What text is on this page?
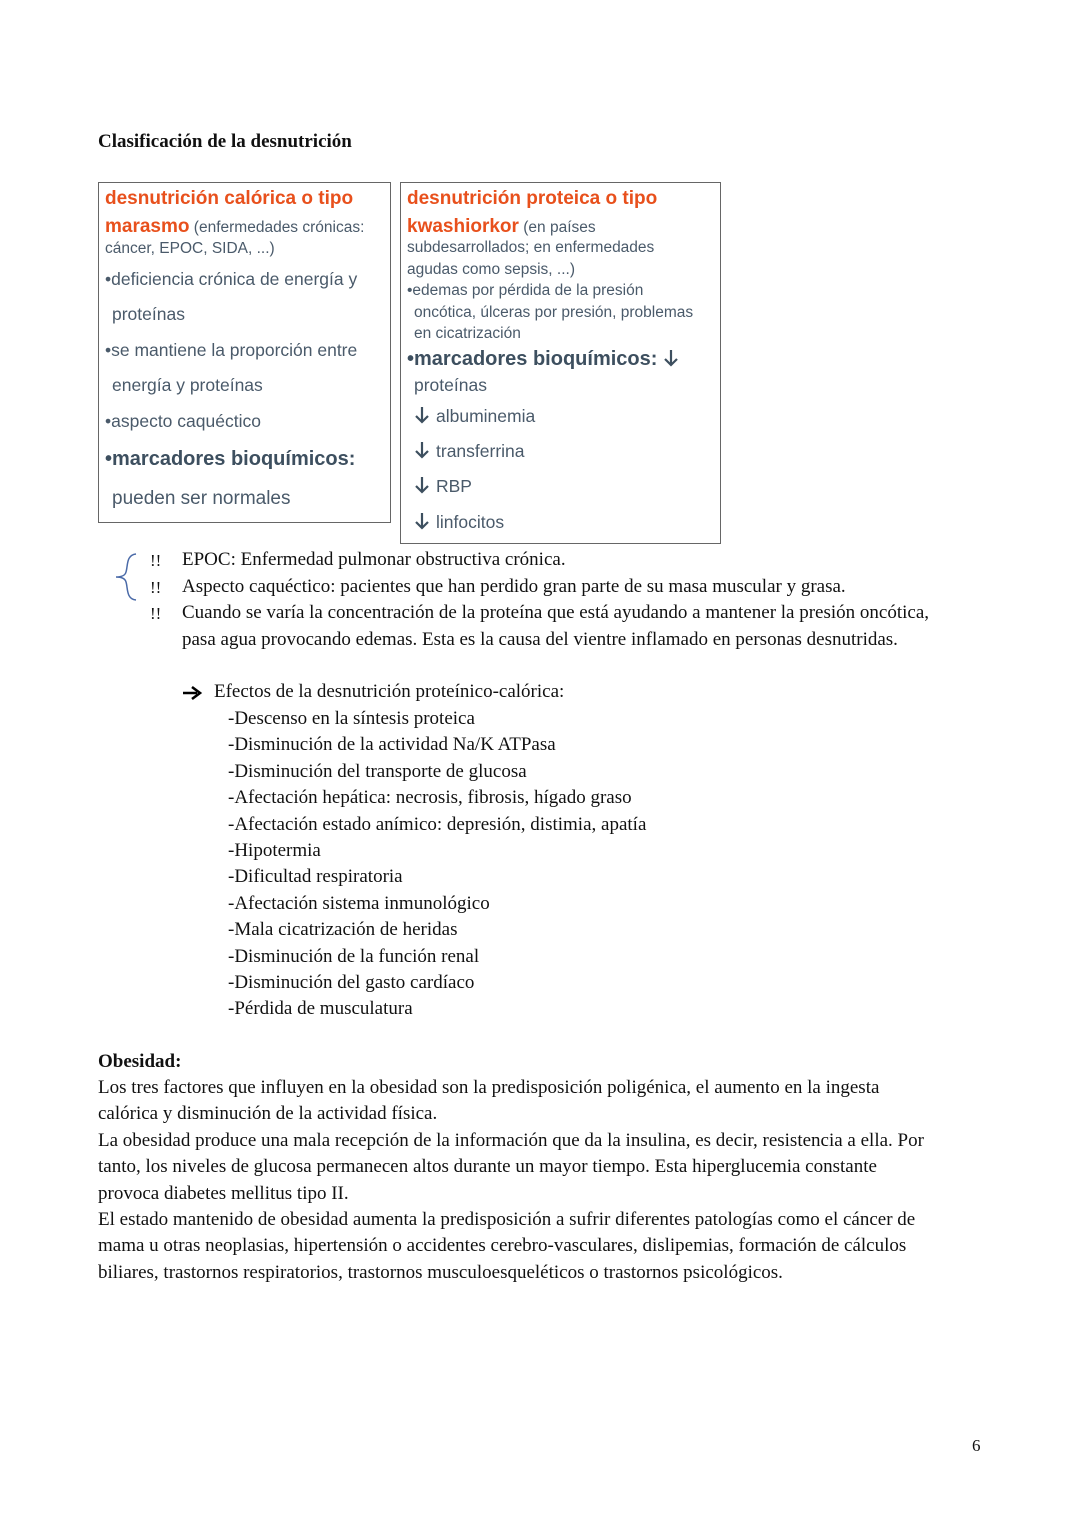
Clasificación de la desnutrición
desnutrición calórica o tipo
marasmo (enfermedades crónicas:
cáncer, EPOC, SIDA, ...)
•deficiencia crónica de energía y
proteínas
•se mantiene la proporción entre
energía y proteínas
•aspecto caquéctico
•marcadores bioquímicos:
pueden ser normales
desnutrición proteica o tipo
kwashiorkor (en países
subdesarrollados; en enfermedades
agudas como sepsis, ...)
•edemas por pérdida de la presión
oncótica, úlceras por presión, problemas
en cicatrización
•marcadores bioquímicos:
proteínas
albuminemia
transferrina
RBP
linfocitos
!!
!!
!!
EPOC: Enfermedad pulmonar obstructiva crónica.
Aspecto caquéctico: pacientes que han perdido gran parte de su masa muscular y grasa.
Cuando se varía la concentración de la proteína que está ayudando a mantener la presión oncótica,
pasa agua provocando edemas. Esta es la causa del vientre inflamado en personas desnutridas.
Efectos de la desnutrición proteínico-calórica:
-Descenso en la síntesis proteica
-Disminución de la actividad Na/K ATPasa
-Disminución del transporte de glucosa
-Afectación hepática: necrosis, fibrosis, hígado graso
-Afectación estado anímico: depresión, distimia, apatía
-Hipotermia
-Dificultad respiratoria
-Afectación sistema inmunológico
-Mala cicatrización de heridas
-Disminución de la función renal
-Disminución del gasto cardíaco
-Pérdida de musculatura
Obesidad:
Los tres factores que influyen en la obesidad son la predisposición poligénica, el aumento en la ingesta
calórica y disminución de la actividad física.
La obesidad produce una mala recepción de la información que da la insulina, es decir, resistencia a ella. Por
tanto, los niveles de glucosa permanecen altos durante un mayor tiempo. Esta hiperglucemia constante
provoca diabetes mellitus tipo II.
El estado mantenido de obesidad aumenta la predisposición a sufrir diferentes patologías como el cáncer de
mama u otras neoplasias, hipertensión o accidentes cerebro-vasculares, dislipemias, formación de cálculos
biliares, trastornos respiratorios, trastornos musculoesqueléticos o trastornos psicológicos.
6
